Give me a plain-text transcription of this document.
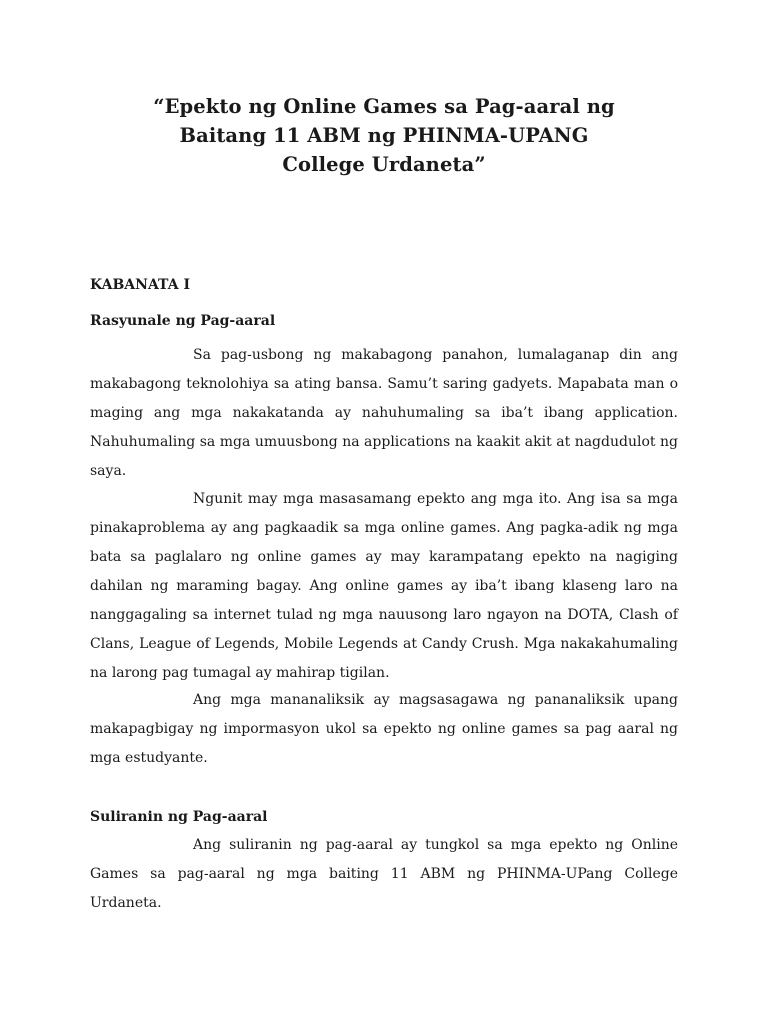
“Epekto ng Online Games sa Pag-aaral ng
Baitang 11 ABM ng PHINMA-UPANG
College Urdaneta”
KABANATA I
Rasyunale ng Pag-aaral

Sa pag-usbong ng makabagong panahon, lumalaganap din ang makabagong teknolohiya sa ating bansa. Samu’t saring gadyets. Mapabata man o maging ang mga nakakatanda ay nahuhumaling sa iba’t ibang application. Nahuhumaling sa mga umuusbong na applications na kaakit akit at nagdudulot ng saya.

Ngunit may mga masasamang epekto ang mga ito. Ang isa sa mga pinakaproblema ay ang pagkaadik sa mga online games. Ang pagka-adik ng mga bata sa paglalaro ng online games ay may karampatang epekto na nagiging dahilan ng maraming bagay. Ang online games ay iba’t ibang klaseng laro na nanggagaling sa internet tulad ng mga nauusong laro ngayon na DOTA, Clash of Clans, League of Legends, Mobile Legends at Candy Crush. Mga nakakahumaling na larong pag tumagal ay mahirap tigilan.

Ang mga mananaliksik ay magsasagawa ng pananaliksik upang makapagbigay ng impormasyon ukol sa epekto ng online games sa pag aaral ng mga estudyante.

Suliranin ng Pag-aaral

Ang suliranin ng pag-aaral ay tungkol sa mga epekto ng Online Games sa pag-aaral ng mga baiting 11 ABM ng PHINMA-UPang College Urdaneta.
